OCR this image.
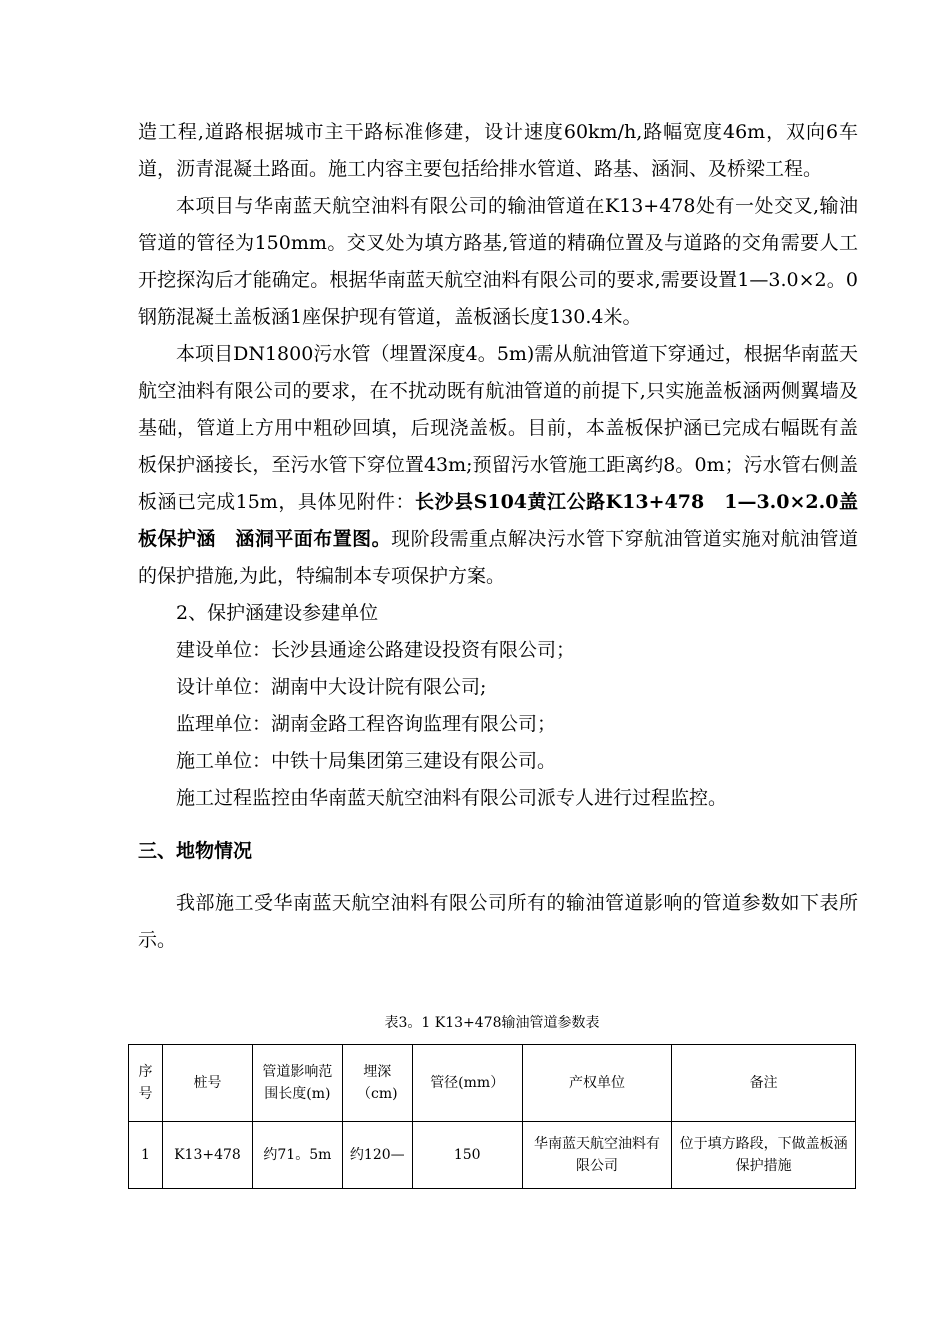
造工程,道路根据城市主干路标准修建，设计速度60km/h,路幅宽度46m，双向6车道，沥青混凝土路面。施工内容主要包括给排水管道、路基、涵洞、及桥梁工程。

本项目与华南蓝天航空油料有限公司的输油管道在K13+478处有一处交叉,输油管道的管径为150mm。交叉处为填方路基,管道的精确位置及与道路的交角需要人工开挖探沟后才能确定。根据华南蓝天航空油料有限公司的要求,需要设置1—3.0×2。0钢筋混凝土盖板涵1座保护现有管道，盖板涵长度130.4米。

本项目DN1800污水管（埋置深度4。5m)需从航油管道下穿通过，根据华南蓝天航空油料有限公司的要求，在不扰动既有航油管道的前提下,只实施盖板涵两侧翼墙及基础，管道上方用中粗砂回填，后现浇盖板。目前，本盖板保护涵已完成右幅既有盖板保护涵接长，至污水管下穿位置43m;预留污水管施工距离约8。0m；污水管右侧盖板涵已完成15m，具体见附件：长沙县S104黄江公路K13+478　1—3.0×2.0盖板保护涵　涵洞平面布置图。现阶段需重点解决污水管下穿航油管道实施对航油管道的保护措施,为此，特编制本专项保护方案。

2、保护涵建设参建单位

建设单位：长沙县通途公路建设投资有限公司；

设计单位：湖南中大设计院有限公司;

监理单位：湖南金路工程咨询监理有限公司；

施工单位：中铁十局集团第三建设有限公司。

施工过程监控由华南蓝天航空油料有限公司派专人进行过程监控。

三、地物情况

我部施工受华南蓝天航空油料有限公司所有的输油管道影响的管道参数如下表所示。

表3。1 K13+478输油管道参数表
序号	桩号	管道影响范围长度(m)	埋深（cm)	管径(mm）	产权单位	备注
1	K13+478	约71。5m	约120—	150	华南蓝天航空油料有限公司	位于填方路段，下做盖板涵保护措施
